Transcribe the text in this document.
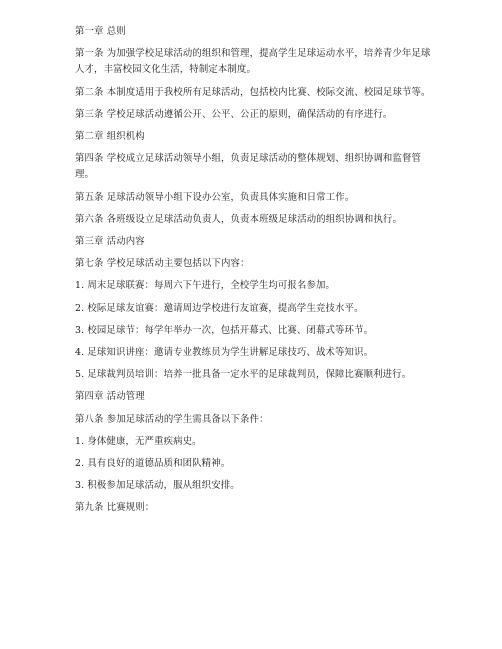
第一章 总则

第一条 为加强学校足球活动的组织和管理，提高学生足球运动水平，培养青少年足球人才，丰富校园文化生活，特制定本制度。

第二条 本制度适用于我校所有足球活动，包括校内比赛、校际交流、校园足球节等。

第三条 学校足球活动遵循公开、公平、公正的原则，确保活动的有序进行。

第二章 组织机构

第四条 学校成立足球活动领导小组，负责足球活动的整体规划、组织协调和监督管理。

第五条 足球活动领导小组下设办公室，负责具体实施和日常工作。

第六条 各班级设立足球活动负责人，负责本班级足球活动的组织协调和执行。

第三章 活动内容

第七条 学校足球活动主要包括以下内容：

1. 周末足球联赛：每周六下午进行，全校学生均可报名参加。

2. 校际足球友谊赛：邀请周边学校进行友谊赛，提高学生竞技水平。

3. 校园足球节：每学年举办一次，包括开幕式、比赛、闭幕式等环节。

4. 足球知识讲座：邀请专业教练员为学生讲解足球技巧、战术等知识。

5. 足球裁判员培训：培养一批具备一定水平的足球裁判员，保障比赛顺利进行。

第四章 活动管理

第八条 参加足球活动的学生需具备以下条件：

1. 身体健康，无严重疾病史。

2. 具有良好的道德品质和团队精神。

3. 积极参加足球活动，服从组织安排。

第九条 比赛规则：
